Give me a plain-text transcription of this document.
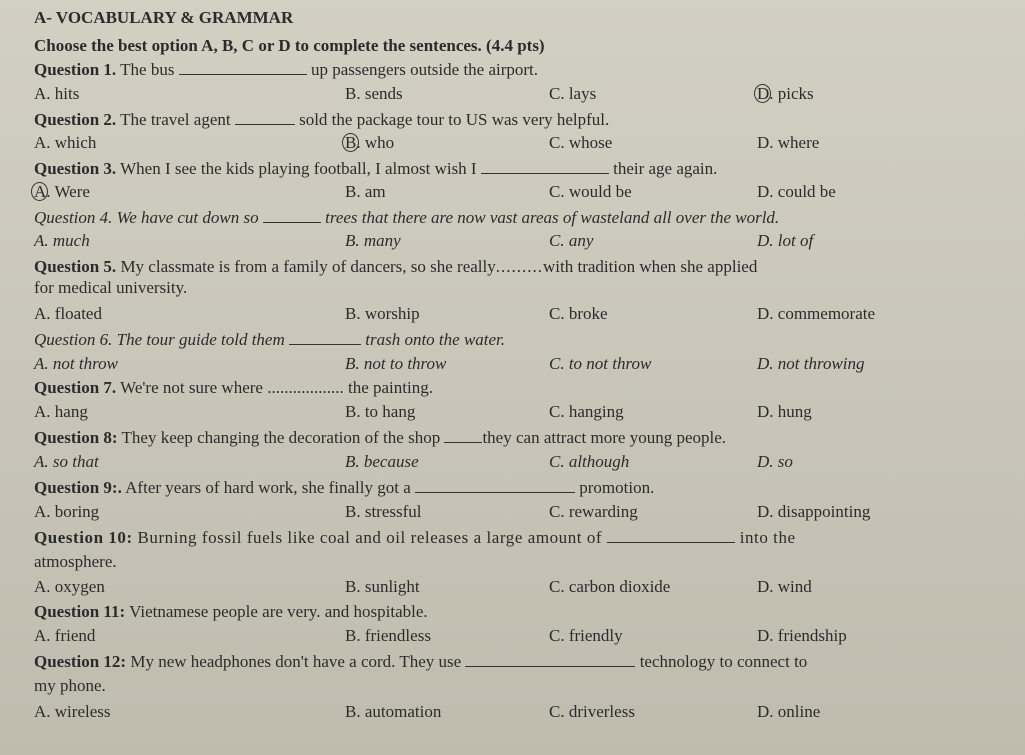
A- VOCABULARY & GRAMMAR
Choose the best option A, B, C or D to complete the sentences. (4.4 pts)
Question 1. The bus	up passengers outside the airport.
A. hits	B. sends	C. lays	D. picks
Question 2. The travel agent	sold the package tour to US was very helpful.
A. which	B. who	C. whose	D. where
Question 3. When I see the kids playing football, I almost wish I	their age again.
A. Were	B. am	C. would be	D. could be
Question 4. We have cut down so	trees that there are now vast areas of wasteland all over the world.
A. much	B. many	C. any	D. lot of
Question 5. My classmate is from a family of dancers, so she really.........with tradition when she applied
for medical university.
A. floated	B. worship	C. broke	D. commemorate
Question 6. The tour guide told them	trash onto the water.
A. not throw	B. not to throw	C. to not throw	D. not throwing
Question 7. We're not sure where .................. the painting.
A. hang	B. to hang	C. hanging	D. hung
Question 8: They keep changing the decoration of the shop they can attract more young people.
A. so that	B. because	C. although	D. so
Question 9:. After years of hard work, she finally got a	promotion.
A. boring	B. stressful	C. rewarding	D. disappointing
Question 10: Burning fossil fuels like coal and oil releases a large amount of	into the
atmosphere.
A. oxygen	B. sunlight	C. carbon dioxide	D. wind
Question 11: Vietnamese people are very. and hospitable.
A. friend	B. friendless	C. friendly	D. friendship
Question 12: My new headphones don't have a cord. They use	technology to connect to
my phone.
A. wireless	B. automation	C. driverless	D. online
